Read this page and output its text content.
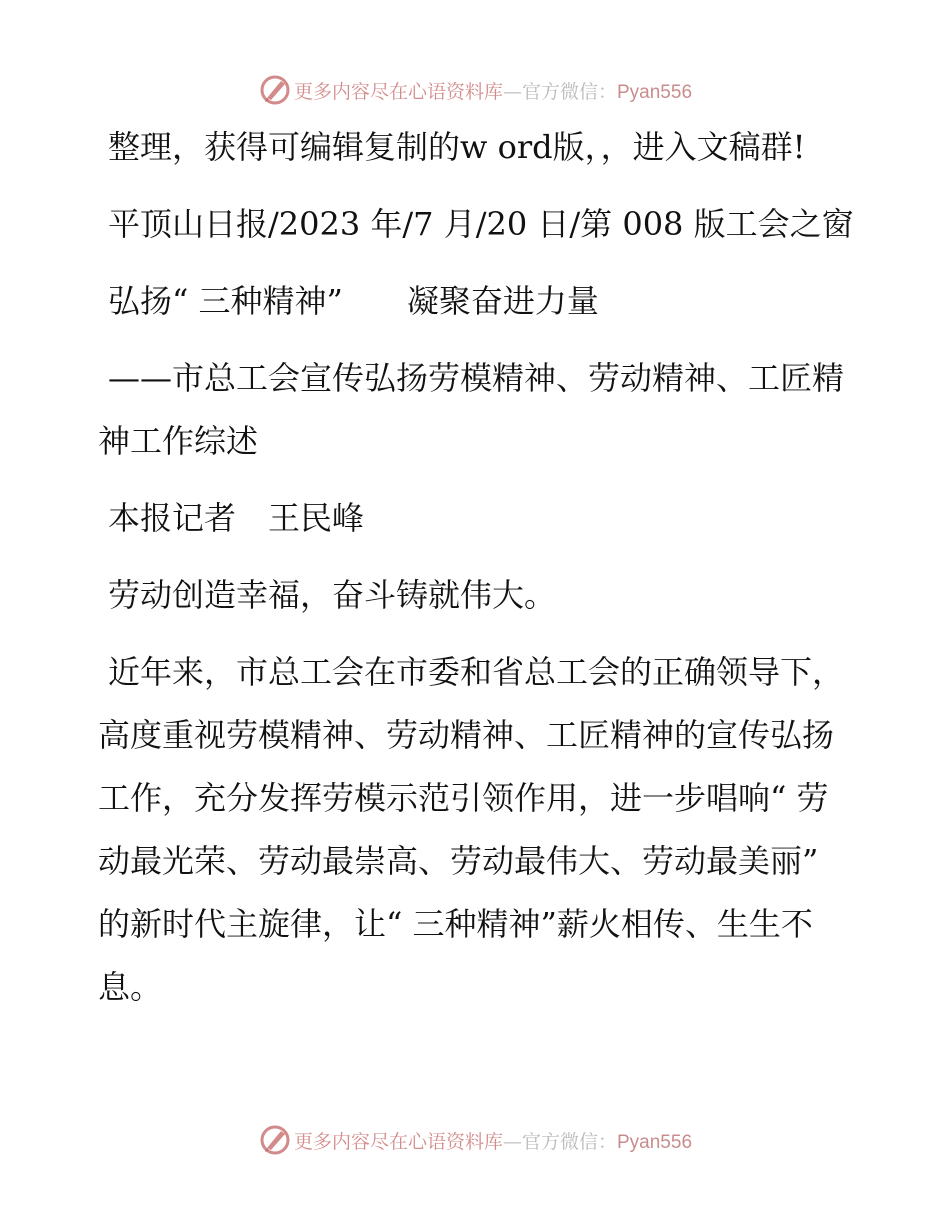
更多内容尽在心语资料库—官方微信：Pyan556

整理，获得可编辑复制的w ord版，，进入文稿群!

平顶山日报/2023 年/7 月/20 日/第 008 版工会之窗

弘扬“ 三种精神”　　凝聚奋进力量

——市总工会宣传弘扬劳模精神、劳动精神、工匠精神工作综述

本报记者　王民峰

劳动创造幸福，奋斗铸就伟大。

近年来，市总工会在市委和省总工会的正确领导下，高度重视劳模精神、劳动精神、工匠精神的宣传弘扬工作，充分发挥劳模示范引领作用，进一步唱响“ 劳动最光荣、劳动最崇高、劳动最伟大、劳动最美丽” 的新时代主旋律，让“ 三种精神”薪火相传、生生不息。

更多内容尽在心语资料库—官方微信：Pyan556
